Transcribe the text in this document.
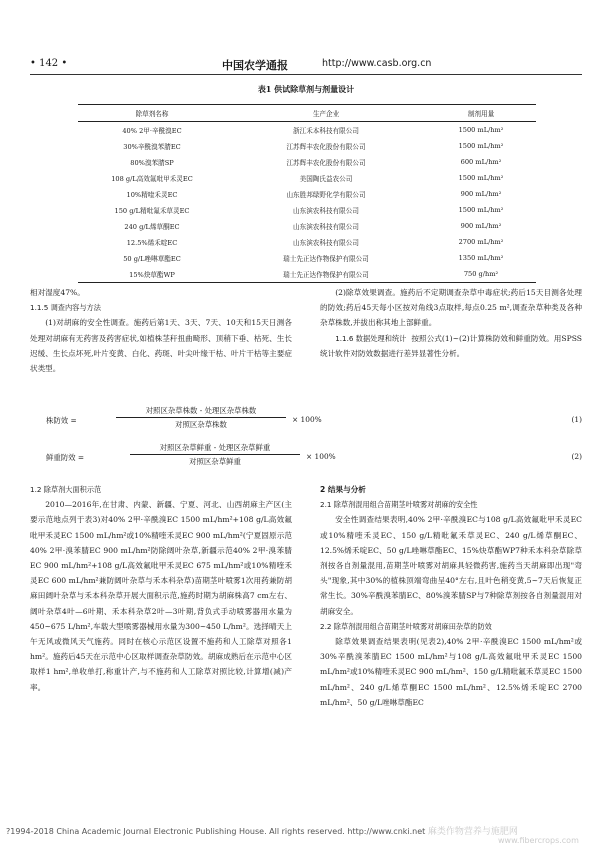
• 142 •	中国农学通报	http://www.casb.org.cn
表1 供试除草剂与剂量设计
除草剂名称	生产企业	制剂用量
40% 2甲·辛酰溴EC	浙江禾本科技有限公司	1500 mL/hm²
30%辛酰溴苯腈EC	江苏辉丰农化股份有限公司	1500 mL/hm²
80%溴苯腈SP	江苏辉丰农化股份有限公司	600 mL/hm²
108 g/L高效氟吡甲禾灵EC	美国陶氏益农公司	1500 mL/hm²
10%精喹禾灵EC	山东胜邦绿野化学有限公司	900 mL/hm²
150 g/L精吡氟禾草灵EC	山东滨农科技有限公司	1500 mL/hm²
240 g/L烯草酮EC	山东滨农科技有限公司	900 mL/hm²
12.5%烯禾啶EC	山东滨农科技有限公司	2700 mL/hm²
50 g/L唑啉草酯EC	瑞士先正达作物保护有限公司	1350 mL/hm²
15%炔草酯WP	瑞士先正达作物保护有限公司	750 g/hm²

相对湿度47%。

1.1.5 调查内容与方法

(1)对胡麻的安全性调查。施药后第1天、3天、7天、10天和15天日测各处理对胡麻有无药害及药害症状,如植株茎秆扭曲畸形、顶稍下垂、枯死、生长迟缓、生长点坏死,叶片变黄、白化、药斑、叶尖叶缘干枯、叶片干枯等主要症状类型。

(2)除草效果调查。施药后不定期调查杂草中毒症状;药后15天目测各处理的防效;药后45天每小区按对角线3点取样,每点0.25 m²,调查杂草种类及各种杂草株数,并拔出称其地上部鲜重。

1.1.6 数据处理和统计 按照公式(1)~(2)计算株防效和鲜重防效。用SPSS统计软件对防效数据进行差异显著性分析。

株防效 =
对照区杂草株数 - 处理区杂草株数
对照区杂草株数
× 100%	(1)
鲜重防效 =
对照区杂草鲜重 - 处理区杂草鲜重
对照区杂草鲜重
× 100%	(2)

1.2 除草剂大面积示范

2010—2016年,在甘肃、内蒙、新疆、宁夏、河北、山西胡麻主产区(主要示范地点列于表3)对40% 2甲·辛酰溴EC 1500 mL/hm²+108 g/L高效氟吡甲禾灵EC 1500 mL/hm²或10%精喹禾灵EC 900 mL/hm²(宁夏固原示范40% 2甲·溴苯腈EC 900 mL/hm²防除阔叶杂草,新疆示范40% 2甲·溴苯腈EC 900 mL/hm²+108 g/L高效氟吡甲禾灵EC 675 mL/hm²或10%精喹禾灵EC 600 mL/hm²兼防阔叶杂草与禾本科杂草)苗期茎叶喷雾1次用药兼防胡麻田阔叶杂草与禾本科杂草开展大面积示范,施药时期为胡麻株高7 cm左右、阔叶杂草4叶—6叶期、禾本科杂草2叶—3叶期,背负式手动喷雾器用水量为450~675 L/hm²,车载大型喷雾器械用水量为300~450 L/hm²。选择晴天上午无风或微风天气施药。同时在核心示范区设置不施药和人工除草对照各1 hm²。施药后45天在示范中心区取样调查杂草防效。胡麻成熟后在示范中心区取样1 hm²,单收单打,称重计产,与不施药和人工除草对照比较,计算增(减)产率。

2 结果与分析

2.1 除草剂混用组合苗期茎叶喷雾对胡麻的安全性

安全性调查结果表明,40% 2甲·辛酰溴EC与108 g/L高效氟吡甲禾灵EC或10%精喹禾灵EC、150 g/L精吡氟禾草灵EC、240 g/L烯草酮EC、12.5%烯禾啶EC、50 g/L唑啉草酯EC、15%炔草酯WP7种禾本科杂草除草剂按各自剂量混用,苗期茎叶喷雾对胡麻具轻微药害,施药当天胡麻即出现"弯头"现象,其中30%的植株顶端弯曲呈40°左右,且叶色稍变黄,5~7天后恢复正常生长。30%辛酰溴苯腈EC、80%溴苯腈SP与7种除草剂按各自剂量混用对胡麻安全。

2.2 除草剂混用组合苗期茎叶喷雾对胡麻田杂草的防效

除草效果调查结果表明(见表2),40% 2甲·辛酰溴EC 1500 mL/hm²或30%辛酰溴苯腈EC 1500 mL/hm²与108 g/L高效氟吡甲禾灵EC 1500 mL/hm²或10%精喹禾灵EC 900 mL/hm²、150 g/L精吡氟禾草灵EC 1500 mL/hm²、240 g/L烯草酮EC 1500 mL/hm²、12.5%烯禾啶EC 2700 mL/hm²、50 g/L唑啉草酯EC

?1994-2018 China Academic Journal Electronic Publishing House. All rights reserved. http://www.cnki.net 麻类作物营养与施肥网
www.fibercrops.com
